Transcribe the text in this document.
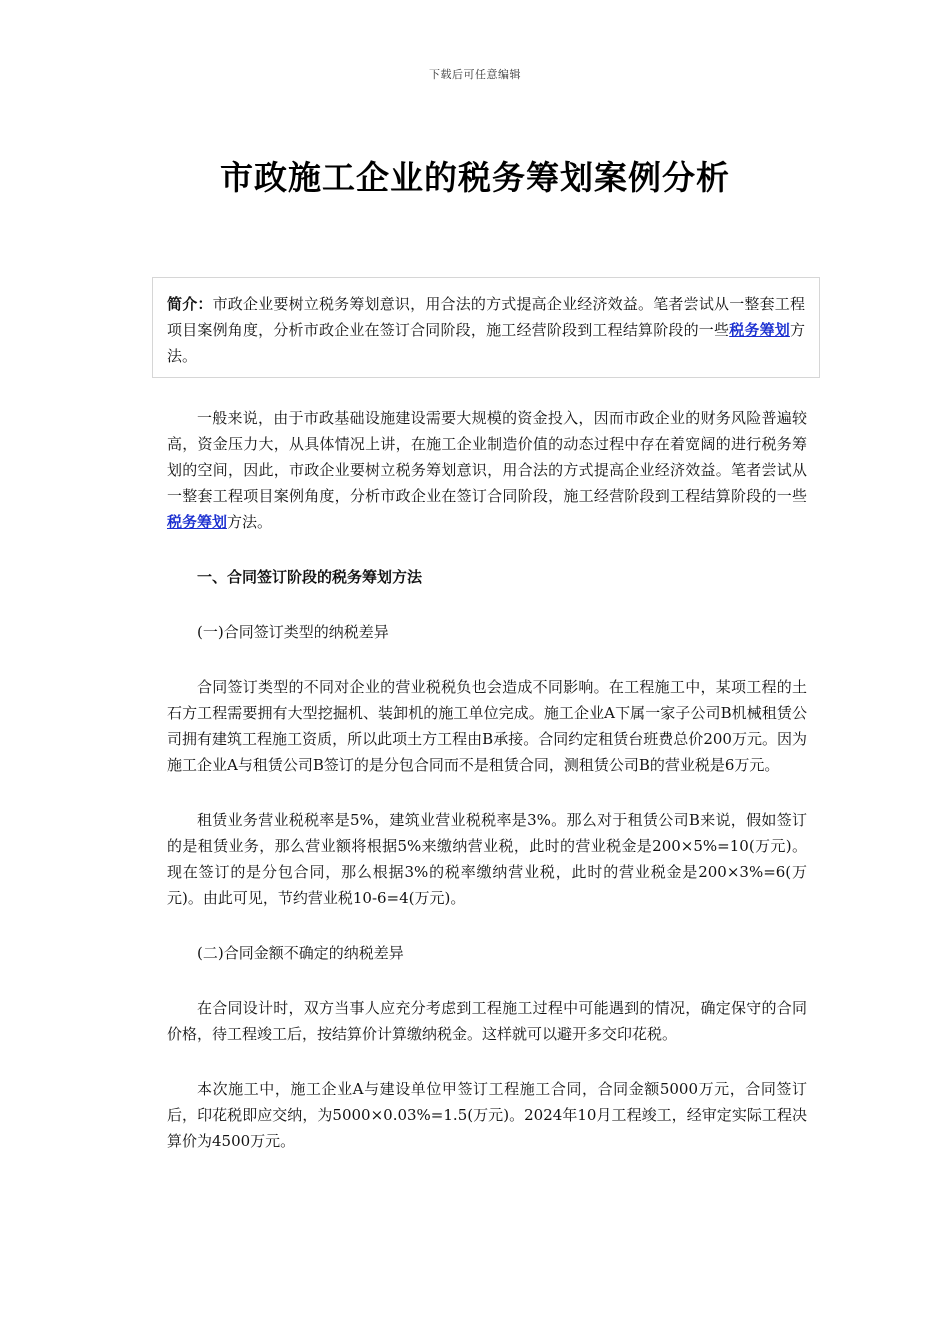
下载后可任意编辑
市政施工企业的税务筹划案例分析
简介：市政企业要树立税务筹划意识，用合法的方式提高企业经济效益。笔者尝试从一整套工程项目案例角度，分析市政企业在签订合同阶段，施工经营阶段到工程结算阶段的一些税务筹划方法。

一般来说，由于市政基础设施建设需要大规模的资金投入，因而市政企业的财务风险普遍较高，资金压力大，从具体情况上讲，在施工企业制造价值的动态过程中存在着宽阔的进行税务筹划的空间，因此，市政企业要树立税务筹划意识，用合法的方式提高企业经济效益。笔者尝试从一整套工程项目案例角度，分析市政企业在签订合同阶段，施工经营阶段到工程结算阶段的一些税务筹划方法。

一、合同签订阶段的税务筹划方法

(一)合同签订类型的纳税差异

合同签订类型的不同对企业的营业税税负也会造成不同影响。在工程施工中，某项工程的土石方工程需要拥有大型挖掘机、装卸机的施工单位完成。施工企业A下属一家子公司B机械租赁公司拥有建筑工程施工资质，所以此项土方工程由B承接。合同约定租赁台班费总价200万元。因为施工企业A与租赁公司B签订的是分包合同而不是租赁合同，测租赁公司B的营业税是6万元。

租赁业务营业税税率是5%，建筑业营业税税率是3%。那么对于租赁公司B来说，假如签订的是租赁业务，那么营业额将根据5%来缴纳营业税，此时的营业税金是200×5%=10(万元)。现在签订的是分包合同，那么根据3%的税率缴纳营业税，此时的营业税金是200×3%=6(万元)。由此可见，节约营业税10-6=4(万元)。

(二)合同金额不确定的纳税差异

在合同设计时，双方当事人应充分考虑到工程施工过程中可能遇到的情况，确定保守的合同价格，待工程竣工后，按结算价计算缴纳税金。这样就可以避开多交印花税。

本次施工中，施工企业A与建设单位甲签订工程施工合同，合同金额5000万元，合同签订后，印花税即应交纳，为5000×0.03%=1.5(万元)。2024年10月工程竣工，经审定实际工程决算价为4500万元。
